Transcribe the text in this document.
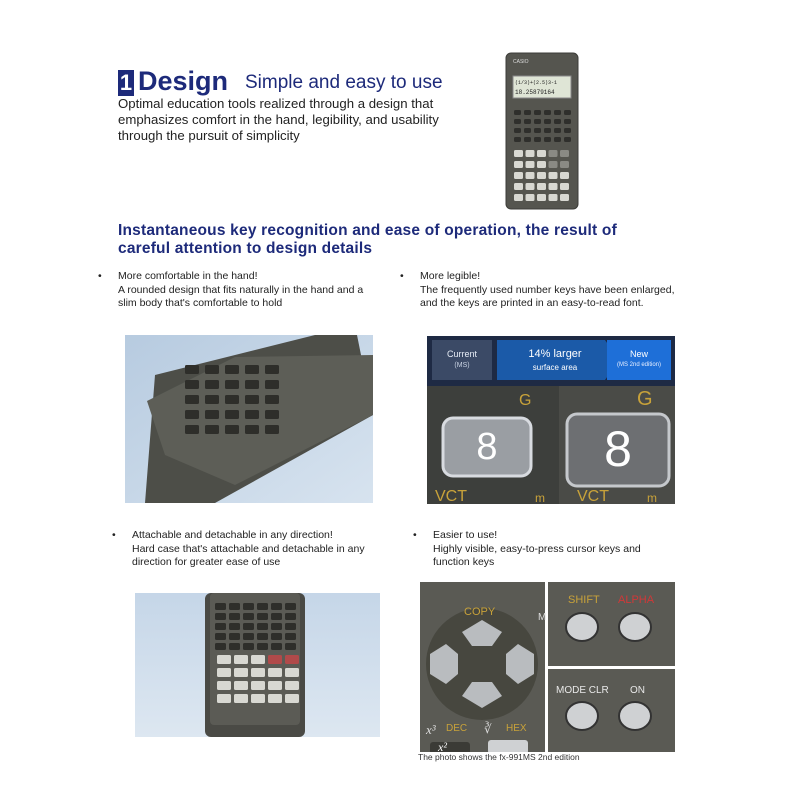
1 Design Simple and easy to use
Optimal education tools realized through a design that emphasizes comfort in the hand, legibility, and usability through the pursuit of simplicity
CASIO
(1/3)+(2.5)3-1
18.25879164
Instantaneous key recognition and ease of operation, the result of careful attention to design details
• More comfortable in the hand!
A rounded design that fits naturally in the hand and a slim body that's comfortable to hold
• More legible!
The frequently used number keys have been enlarged, and the keys are printed in an easy-to-read font.
Current
(MS)
14% larger
surface area
New
(MS 2nd edition)
G	G
8	8
VCT	m VCT	m
• Attachable and detachable in any direction!
Hard case that's attachable and detachable in any direction for greater ease of use
• Easier to use!
Highly visible, easy-to-press cursor keys and function keys
COPY	M
SHIFT ALPHA
MODE CLR ON
x³ DEC ∛ HEX
x²
The photo shows the fx-991MS 2nd edition
